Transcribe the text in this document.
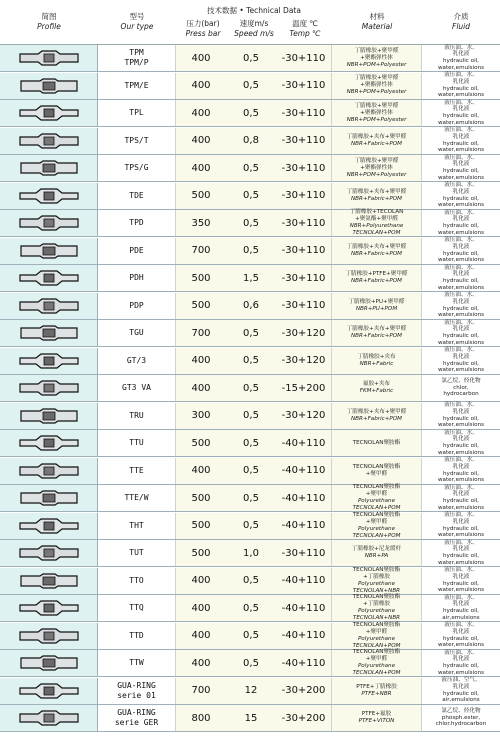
简图
Profile
型号
Our type
技术数据 • Technical Data
压力(bar)
Press bar
速度m/s
Speed m/s
温度 ℃
Temp ℃
材料
Material
介质
Fluid
TPM
TPM/P	400	0,5	-30+110
丁腈橡胶+聚甲醛
+聚酯弹性体
NBR+POM+Polyester
液压油、水、
乳化液
hydraulic oil,
water,emulsions
TPM/E	400	0,5	-30+110
丁腈橡胶+聚甲醛
+聚酯弹性体
NBR+POM+Polyester
液压油、水、
乳化液
hydraulic oil,
water,emulsions
TPL	400	0,5	-30+110
丁腈橡胶+聚甲醛
+聚酯弹性体
NBR+POM+Polyester
液压油、水、
乳化液
hydraulic oil,
water,emulsions
TPS/T	400	0,8	-30+110	丁腈橡胶+夹布+聚甲醛
NBR+Fabric+POM
液压油、水、
乳化液
hydraulic oil,
water,emulsions
TPS/G	400	0,5	-30+110
丁腈橡胶+聚甲醛
+聚酯弹性体
NBR+POM+Polyester
液压油、水、
乳化液
hydraulic oil,
water,emulsions
TDE	500	0,5	-30+110	丁腈橡胶+夹布+聚甲醛
NBR+Fabric+POM
液压油、水、
乳化液
hydraulic oil,
water,emulsions
TPD	350	0,5	-30+110
丁腈橡胶+TECOLAN
+聚氨酯+聚甲醛
NBR+Polyurethane
TECNOLAN+POM
液压油、水、
乳化液
hydraulic oil,
water,emulsions
PDE	700	0,5	-30+110	丁腈橡胶+夹布+聚甲醛
NBR+Fabric+POM
液压油、水、
乳化液
hydraulic oil,
water,emulsions
PDH	500	1,5	-30+110	丁腈橡胶+PTFE+聚甲醛
NBR+Fabric+POM
液压油、水、
乳化液
hydraulic oil,
water,emulsions
PDP	500	0,6	-30+110	丁腈橡胶+PU+聚甲醛
NBR+PU+POM
液压油、水、
乳化液
hydraulic oil,
water,emulsions
TGU	700	0,5	-30+120	丁腈橡胶+夹布+聚甲醛
NBR+Fabric+POM
液压油、水、
乳化液
hydraulic oil,
water,emulsions
GT/3	400	0,5	-30+120	丁腈橡胶+夹布
NBR+Fabric
液压油、水、
乳化液
hydraulic oil,
water,emulsions
GT3 VA	400	0,5	-15+200	氟胶+夹布
FKM+Fabric
氯乙烷、烃化物
chlor,
hydrocarbon
TRU	300	0,5	-30+120	丁腈橡胶+夹布+聚甲醛
NBR+Fabric+POM
液压油、水、
乳化液
hydraulic oil,
water,emulsions
TTU	500	0,5	-40+110	TECNOLAN聚胺酯
液压油、水、
乳化液
hydraulic oil,
water,emulsions
TTE	400	0,5	-40+110	TECNOLAN聚胺酯
+聚甲醛
液压油、水、
乳化液
hydraulic oil,
water,emulsions
TTE/W	500	0,5	-40+110
TECNOLAN聚胺酯
+聚甲醛
Polyurethane
TECNOLAN+POM
液压油、水、
乳化液
hydraulic oil,
water,emulsions
THT	500	0,5	-40+110
TECNOLAN聚胺酯
+聚甲醛
Polyurethane
TECNOLAN+POM
液压油、水、
乳化液
hydraulic oil,
water,emulsions
TUT	500	1,0	-30+110	丁腈橡胶+尼龙缓杆
NBR+PA
液压油、水、
乳化液
hydraulic oil,
water,emulsions
TTO	400	0,5	-40+110
TECNOLAN聚胺酯
+丁腈橡胶
Polyurethane
TECNOLAN+NBR
液压油、水、
乳化液
hydraulic oil,
water,emulsions
TTQ	400	0,5	-40+110
TECNOLAN聚胺酯
+丁腈橡胶
Polyurethane
TECNOLAN+NBR
液压油、水、
乳化液
hydraulic oil,
air,emulsions
TTD	400	0,5	-40+110
TECNOLAN聚胺酯
+聚甲醛
Polyurethane
TECNOLAN+POM
液压油、水、
乳化液
hydraulic oil,
water,emulsions
TTW	400	0,5	-40+110
TECNOLAN聚胺酯
+聚甲醛
Polyurethane
TECNOLAN+POM
液压油、水、
乳化液
hydraulic oil,
water,emulsions
GUA-RING
serie 01	700	12	-30+200	PTFE+丁腈橡胶
PTFE+NBR
液压油、空气、
乳化液
hydraulic oil,
air,emulsions
GUA-RING
serie GER	800	15	-30+200	PTFE+氟胶
PTFE+VITON
氯乙烷、烃化物
phosph.ester,
chlor.hydrocarbon
